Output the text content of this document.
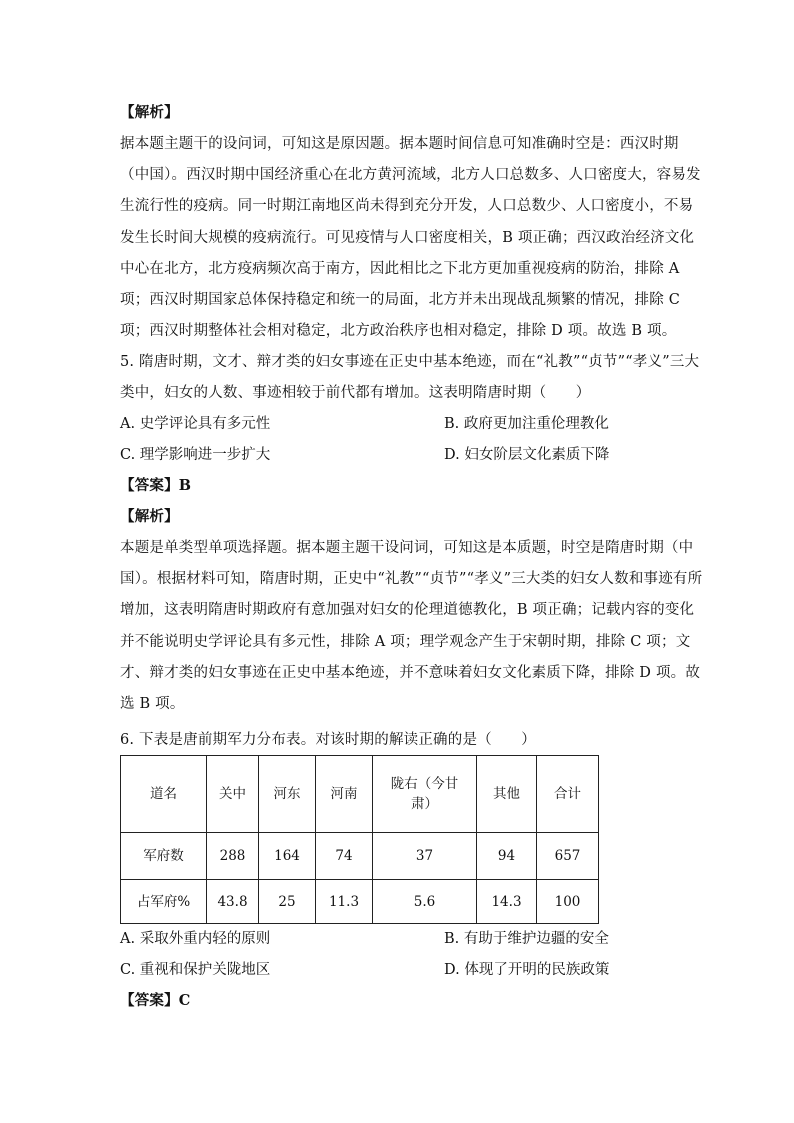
【解析】
据本题主题干的设问词，可知这是原因题。据本题时间信息可知准确时空是：西汉时期
（中国）。西汉时期中国经济重心在北方黄河流域，北方人口总数多、人口密度大，容易发
生流行性的疫病。同一时期江南地区尚未得到充分开发，人口总数少、人口密度小，不易
发生长时间大规模的疫病流行。可见疫情与人口密度相关，B 项正确；西汉政治经济文化
中心在北方，北方疫病频次高于南方，因此相比之下北方更加重视疫病的防治，排除 A
项；西汉时期国家总体保持稳定和统一的局面，北方并未出现战乱频繁的情况，排除 C
项；西汉时期整体社会相对稳定，北方政治秩序也相对稳定，排除 D 项。故选 B 项。
5. 隋唐时期，文才、辩才类的妇女事迹在正史中基本绝迹，而在“礼教”“贞节”“孝义”三大
类中，妇女的人数、事迹相较于前代都有增加。这表明隋唐时期（　　）
A. 史学评论具有多元性	B. 政府更加注重伦理教化
C. 理学影响进一步扩大	D. 妇女阶层文化素质下降
【答案】B
【解析】
本题是单类型单项选择题。据本题主题干设问词，可知这是本质题，时空是隋唐时期（中
国）。根据材料可知，隋唐时期，正史中“礼教”“贞节”“孝义”三大类的妇女人数和事迹有所
增加，这表明隋唐时期政府有意加强对妇女的伦理道德教化，B 项正确；记载内容的变化
并不能说明史学评论具有多元性，排除 A 项；理学观念产生于宋朝时期，排除 C 项；文
才、辩才类的妇女事迹在正史中基本绝迹，并不意味着妇女文化素质下降，排除 D 项。故
选 B 项。
6. 下表是唐前期军力分布表。对该时期的解读正确的是（　　）
道名	关中	河东	河南	陇右（今甘
肃）	其他	合计
军府数	288	164	74	37	94	657
占军府%	43.8	25	11.3	5.6	14.3	100
A. 采取外重内轻的原则	B. 有助于维护边疆的安全
C. 重视和保护关陇地区	D. 体现了开明的民族政策
【答案】C
